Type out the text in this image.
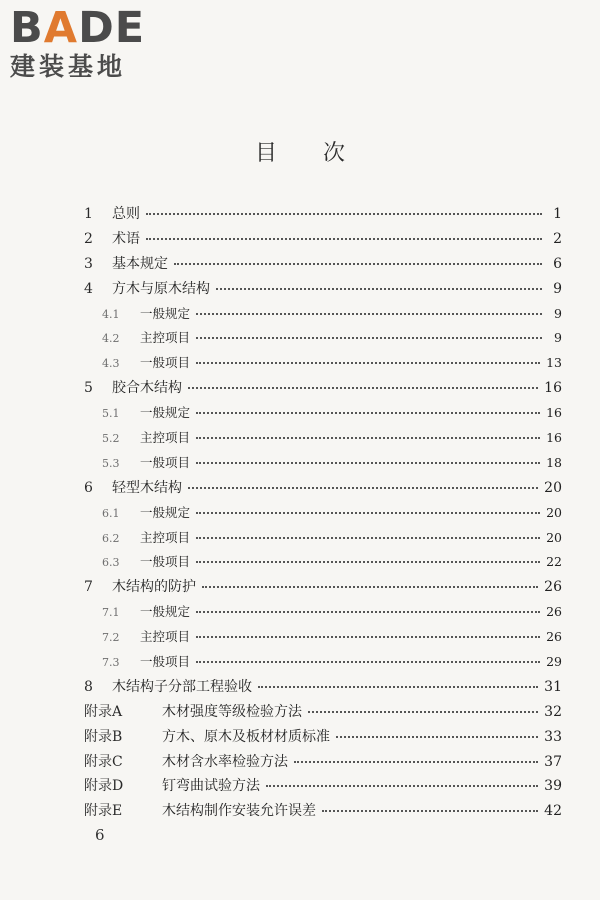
BADE
建装基地
目次
1	总则	1
2	术语	2
3	基本规定	6
4	方木与原木结构	9
4.1	一般规定	9
4.2	主控项目	9
4.3	一般项目	13
5	胶合木结构	16
5.1	一般规定	16
5.2	主控项目	16
5.3	一般项目	18
6	轻型木结构	20
6.1	一般规定	20
6.2	主控项目	20
6.3	一般项目	22
7	木结构的防护	26
7.1	一般规定	26
7.2	主控项目	26
7.3	一般项目	29
8	木结构子分部工程验收	31
附录A	木材强度等级检验方法	32
附录B	方木、原木及板材材质标准	33
附录C	木材含水率检验方法	37
附录D	钉弯曲试验方法	39
附录E	木结构制作安装允许误差	42
6
